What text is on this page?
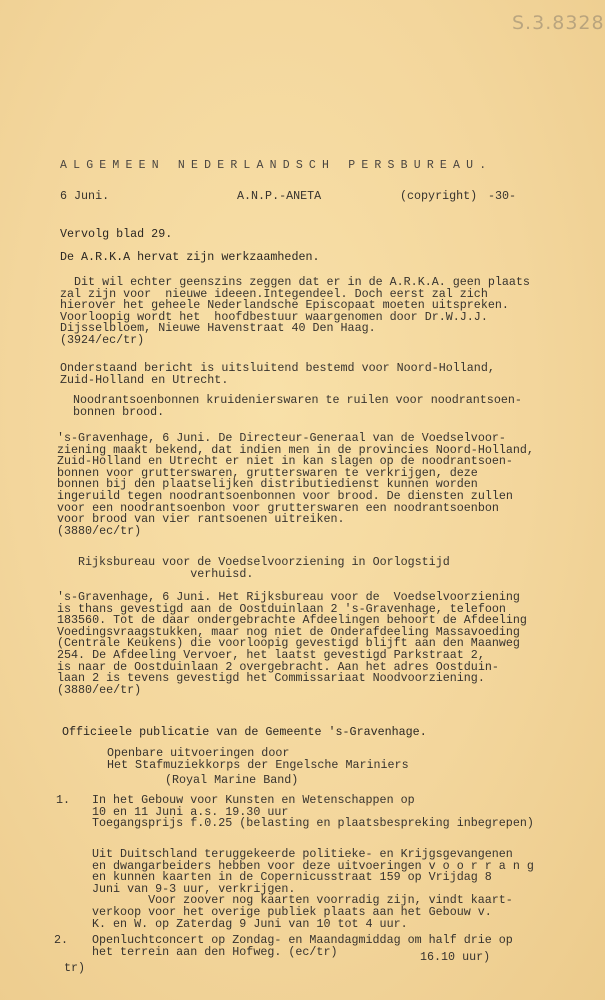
S.3.8328
ALGEMEEN NEDERLANDSCH PERSBUREAU.
6 Juni.	A.N.P.-ANETA	(copyright) -30-
Vervolg blad 29.
De A.R.K.A hervat zijn werkzaamheden.
Dit wil echter geenszins zeggen dat er in de A.R.K.A. geen plaats
zal zijn voor  nieuwe ideeen.Integendeel. Doch eerst zal zich
hierover het geheele Nederlandsche Episcopaat moeten uitspreken.
Voorloopig wordt het  hoofdbestuur waargenomen door Dr.W.J.J.
Dijsselbloem, Nieuwe Havenstraat 40 Den Haag.
(3924/ec/tr)
Onderstaand bericht is uitsluitend bestemd voor Noord-Holland,
Zuid-Holland en Utrecht.
Noodrantsoenbonnen kruidenierswaren te ruilen voor noodrantsoen-
bonnen brood.
's-Gravenhage, 6 Juni. De Directeur-Generaal van de Voedselvoor-
ziening maakt bekend, dat indien men in de provincies Noord-Holland,
Zuid-Holland en Utrecht er niet in kan slagen op de noodrantsoen-
bonnen voor grutterswaren, grutterswaren te verkrijgen, deze
bonnen bij den plaatselijken distributiedienst kunnen worden
ingeruild tegen noodrantsoenbonnen voor brood. De diensten zullen
voor een noodrantsoenbon voor grutterswaren een noodrantsoenbon
voor brood van vier rantsoenen uitreiken.
(3880/ec/tr)
Rijksbureau voor de Voedselvoorziening in Oorlogstijd
verhuisd.
's-Gravenhage, 6 Juni. Het Rijksbureau voor de  Voedselvoorziening
is thans gevestigd aan de Oostduinlaan 2 's-Gravenhage, telefoon
183560. Tot de daar ondergebrachte Afdeelingen behoort de Afdeeling
Voedingsvraagstukken, maar nog niet de Onderafdeeling Massavoeding
(Centrale Keukens) die voorloopig gevestigd blijft aan den Maanweg
254. De Afdeeling Vervoer, het laatst gevestigd Parkstraat 2,
is naar de Oostduinlaan 2 overgebracht. Aan het adres Oostduin-
laan 2 is tevens gevestigd het Commissariaat Noodvoorziening.
(3880/ee/tr)
Officieele publicatie van de Gemeente 's-Gravenhage.
Openbare uitvoeringen door
Het Stafmuziekkorps der Engelsche Mariniers
(Royal Marine Band)
1. In het Gebouw voor Kunsten en Wetenschappen op
10 en 11 Juni a.s. 19.30 uur
Toegangsprijs f.0.25 (belasting en plaatsbespreking inbegrepen)
Uit Duitschland teruggekeerde politieke- en Krijgsgevangenen
en dwangarbeiders hebben voor deze uitvoeringen v o o r r a n g
en kunnen kaarten in de Copernicusstraat 159 op Vrijdag 8
Juni van 9-3 uur, verkrijgen.
Voor zoover nog kaarten voorradig zijn, vindt kaart-
verkoop voor het overige publiek plaats aan het Gebouw v.
K. en W. op Zaterdag 9 Juni van 10 tot 4 uur.
2. Openluchtconcert op Zondag- en Maandagmiddag om half drie op
het terrein aan den Hofweg. (ec/tr)	16.10 uur)
tr)
